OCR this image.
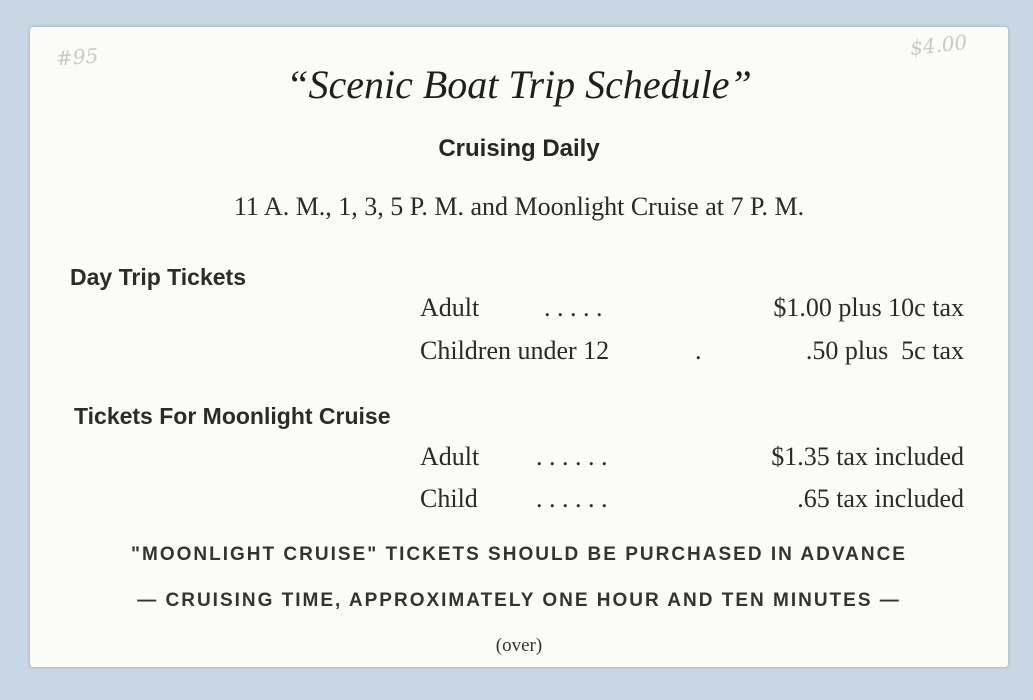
#95	$4.00
“Scenic Boat Trip Schedule”
Cruising Daily
11 A. M., 1, 3, 5 P. M. and Moonlight Cruise at 7 P. M.
Day Trip Tickets
Adult . . . . .	$1.00 plus 10c tax
Children under 12	.	.50 plus  5c tax
Tickets For Moonlight Cruise
Adult . . . . . .	$1.35 tax included
Child . . . . . .	.65 tax included
"MOONLIGHT CRUISE" TICKETS SHOULD BE PURCHASED IN ADVANCE
— CRUISING TIME, APPROXIMATELY ONE HOUR AND TEN MINUTES —
(over)
